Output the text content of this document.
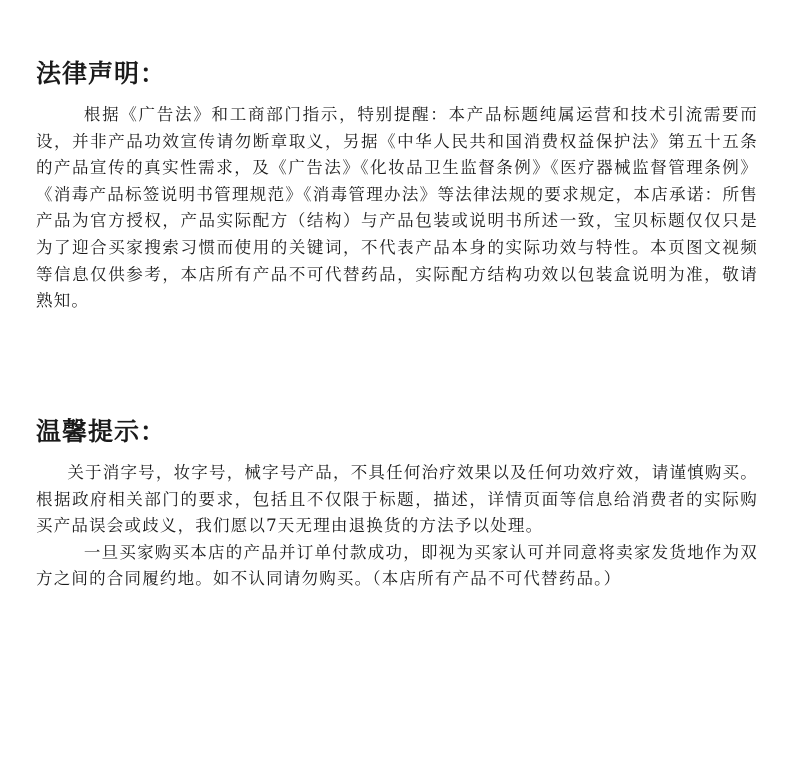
法律声明：

根据《广告法》和工商部门指示，特别提醒：本产品标题纯属运营和技术引流需要而设，并非产品功效宣传请勿断章取义，另据《中华人民共和国消费权益保护法》第五十五条的产品宣传的真实性需求，及《广告法》《化妆品卫生监督条例》《医疗器械监督管理条例》《消毒产品标签说明书管理规范》《消毒管理办法》等法律法规的要求规定，本店承诺：所售产品为官方授权，产品实际配方（结构）与产品包装或说明书所述一致，宝贝标题仅仅只是为了迎合买家搜索习惯而使用的关键词，不代表产品本身的实际功效与特性。本页图文视频等信息仅供参考，本店所有产品不可代替药品，实际配方结构功效以包装盒说明为准，敬请熟知。

温馨提示：

关于消字号，妆字号，械字号产品，不具任何治疗效果以及任何功效疗效，请谨慎购买。根据政府相关部门的要求，包括且不仅限于标题，描述，详情页面等信息给消费者的实际购买产品误会或歧义，我们愿以7天无理由退换货的方法予以处理。

一旦买家购买本店的产品并订单付款成功，即视为买家认可并同意将卖家发货地作为双方之间的合同履约地。如不认同请勿购买。（本店所有产品不可代替药品。）
